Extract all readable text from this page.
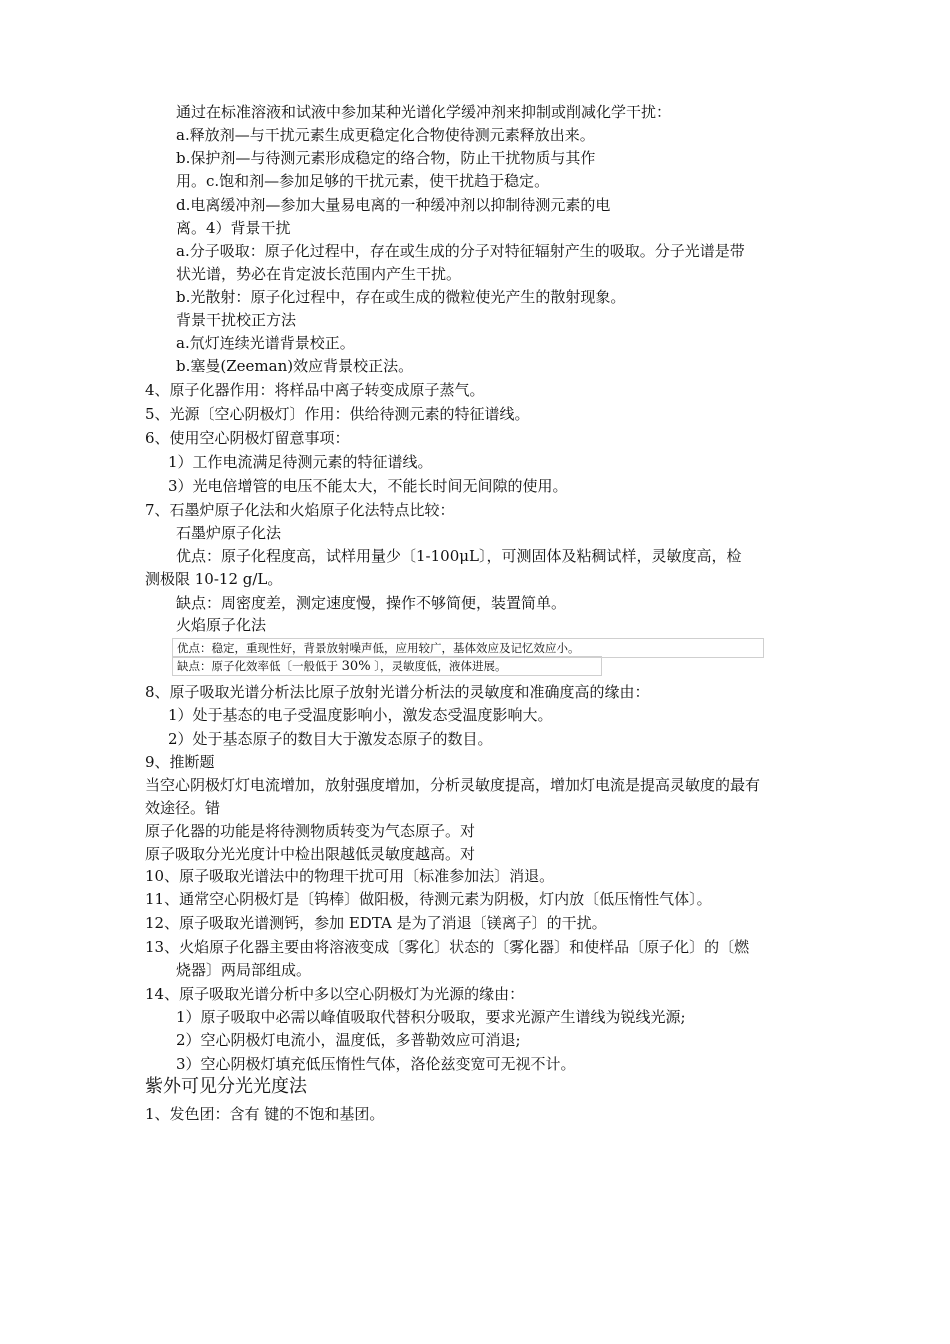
通过在标准溶液和试液中参加某种光谱化学缓冲剂来抑制或削减化学干扰：
a.释放剂—与干扰元素生成更稳定化合物使待测元素释放出来。
b.保护剂—与待测元素形成稳定的络合物，防止干扰物质与其作
用。c.饱和剂—参加足够的干扰元素，使干扰趋于稳定。
d.电离缓冲剂—参加大量易电离的一种缓冲剂以抑制待测元素的电
离。4）背景干扰
a.分子吸取：原子化过程中，存在或生成的分子对特征辐射产生的吸取。分子光谱是带
状光谱，势必在肯定波长范围内产生干扰。
b.光散射：原子化过程中，存在或生成的微粒使光产生的散射现象。
背景干扰校正方法
a.氘灯连续光谱背景校正。
b.塞曼(Zeeman)效应背景校正法。
4、原子化器作用：将样品中离子转变成原子蒸气。
5、光源〔空心阴极灯〕作用：供给待测元素的特征谱线。
6、使用空心阴极灯留意事项：
1）工作电流满足待测元素的特征谱线。
3）光电倍增管的电压不能太大，不能长时间无间隙的使用。
7、石墨炉原子化法和火焰原子化法特点比较：
石墨炉原子化法
优点：原子化程度高，试样用量少〔1-100μL〕，可测固体及粘稠试样，灵敏度高，检
测极限 10-12 g/L。
缺点：周密度差，测定速度慢，操作不够简便，装置简单。
火焰原子化法
优点：稳定，重现性好，背景放射噪声低，应用较广，基体效应及记忆效应小。
缺点：原子化效率低〔一般低于 30% 〕，灵敏度低，液体进展。
8、原子吸取光谱分析法比原子放射光谱分析法的灵敏度和准确度高的缘由：
1）处于基态的电子受温度影响小，激发态受温度影响大。
2）处于基态原子的数目大于激发态原子的数目。
9、推断题
当空心阴极灯灯电流增加，放射强度增加，分析灵敏度提高，增加灯电流是提高灵敏度的最有
效途径。错
原子化器的功能是将待测物质转变为气态原子。对
原子吸取分光光度计中检出限越低灵敏度越高。对
10、原子吸取光谱法中的物理干扰可用〔标准参加法〕消退。
11、通常空心阴极灯是〔钨棒〕做阳极，待测元素为阴极，灯内放〔低压惰性气体〕。
12、原子吸取光谱测钙，参加 EDTA 是为了消退〔镁离子〕的干扰。
13、火焰原子化器主要由将溶液变成〔雾化〕状态的〔雾化器〕和使样品〔原子化〕的〔燃
烧器〕两局部组成。
14、原子吸取光谱分析中多以空心阴极灯为光源的缘由：
1）原子吸取中必需以峰值吸取代替积分吸取，要求光源产生谱线为锐线光源;
2）空心阴极灯电流小，温度低，多普勒效应可消退;
3）空心阴极灯填充低压惰性气体，洛伦兹变宽可无视不计。
紫外可见分光光度法
1、发色团：含有 键的不饱和基团。
